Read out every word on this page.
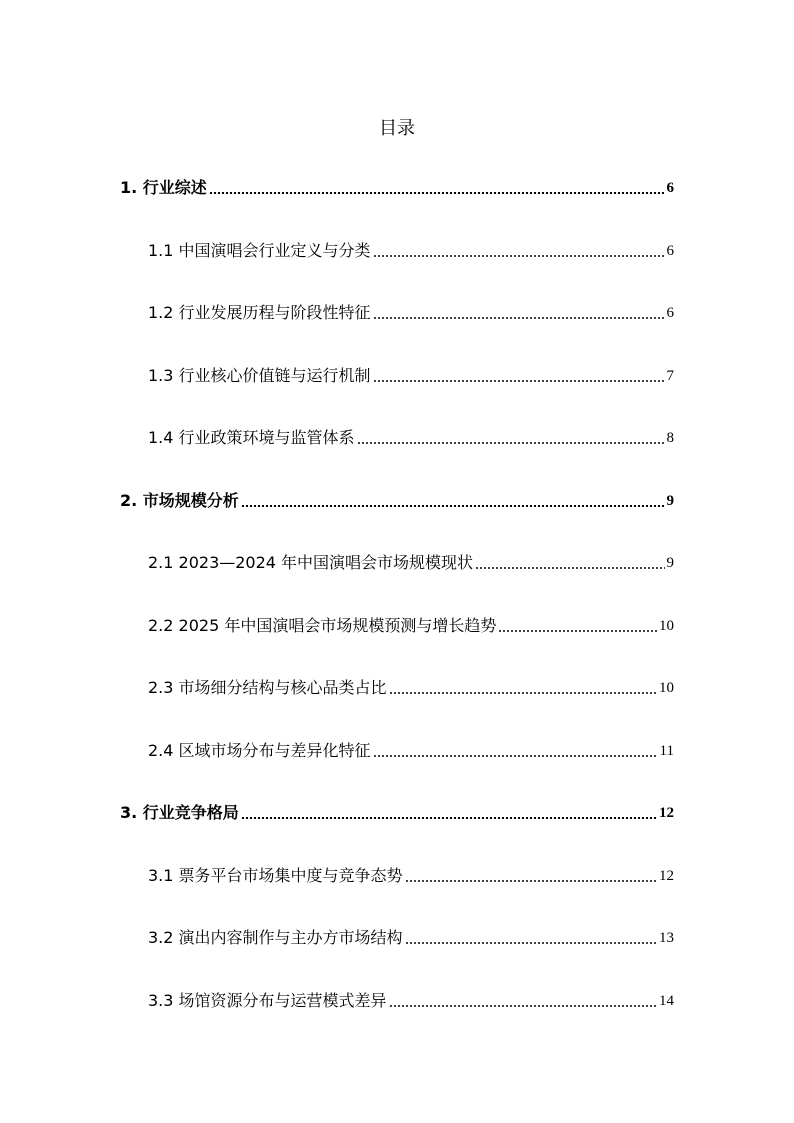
目录
1. 行业综述	6
1.1 中国演唱会行业定义与分类	6
1.2 行业发展历程与阶段性特征	6
1.3 行业核心价值链与运行机制	7
1.4 行业政策环境与监管体系	8
2. 市场规模分析	9
2.1 2023—2024 年中国演唱会市场规模现状	9
2.2 2025 年中国演唱会市场规模预测与增长趋势	10
2.3 市场细分结构与核心品类占比	10
2.4 区域市场分布与差异化特征	11
3. 行业竞争格局	12
3.1 票务平台市场集中度与竞争态势	12
3.2 演出内容制作与主办方市场结构	13
3.3 场馆资源分布与运营模式差异	14
